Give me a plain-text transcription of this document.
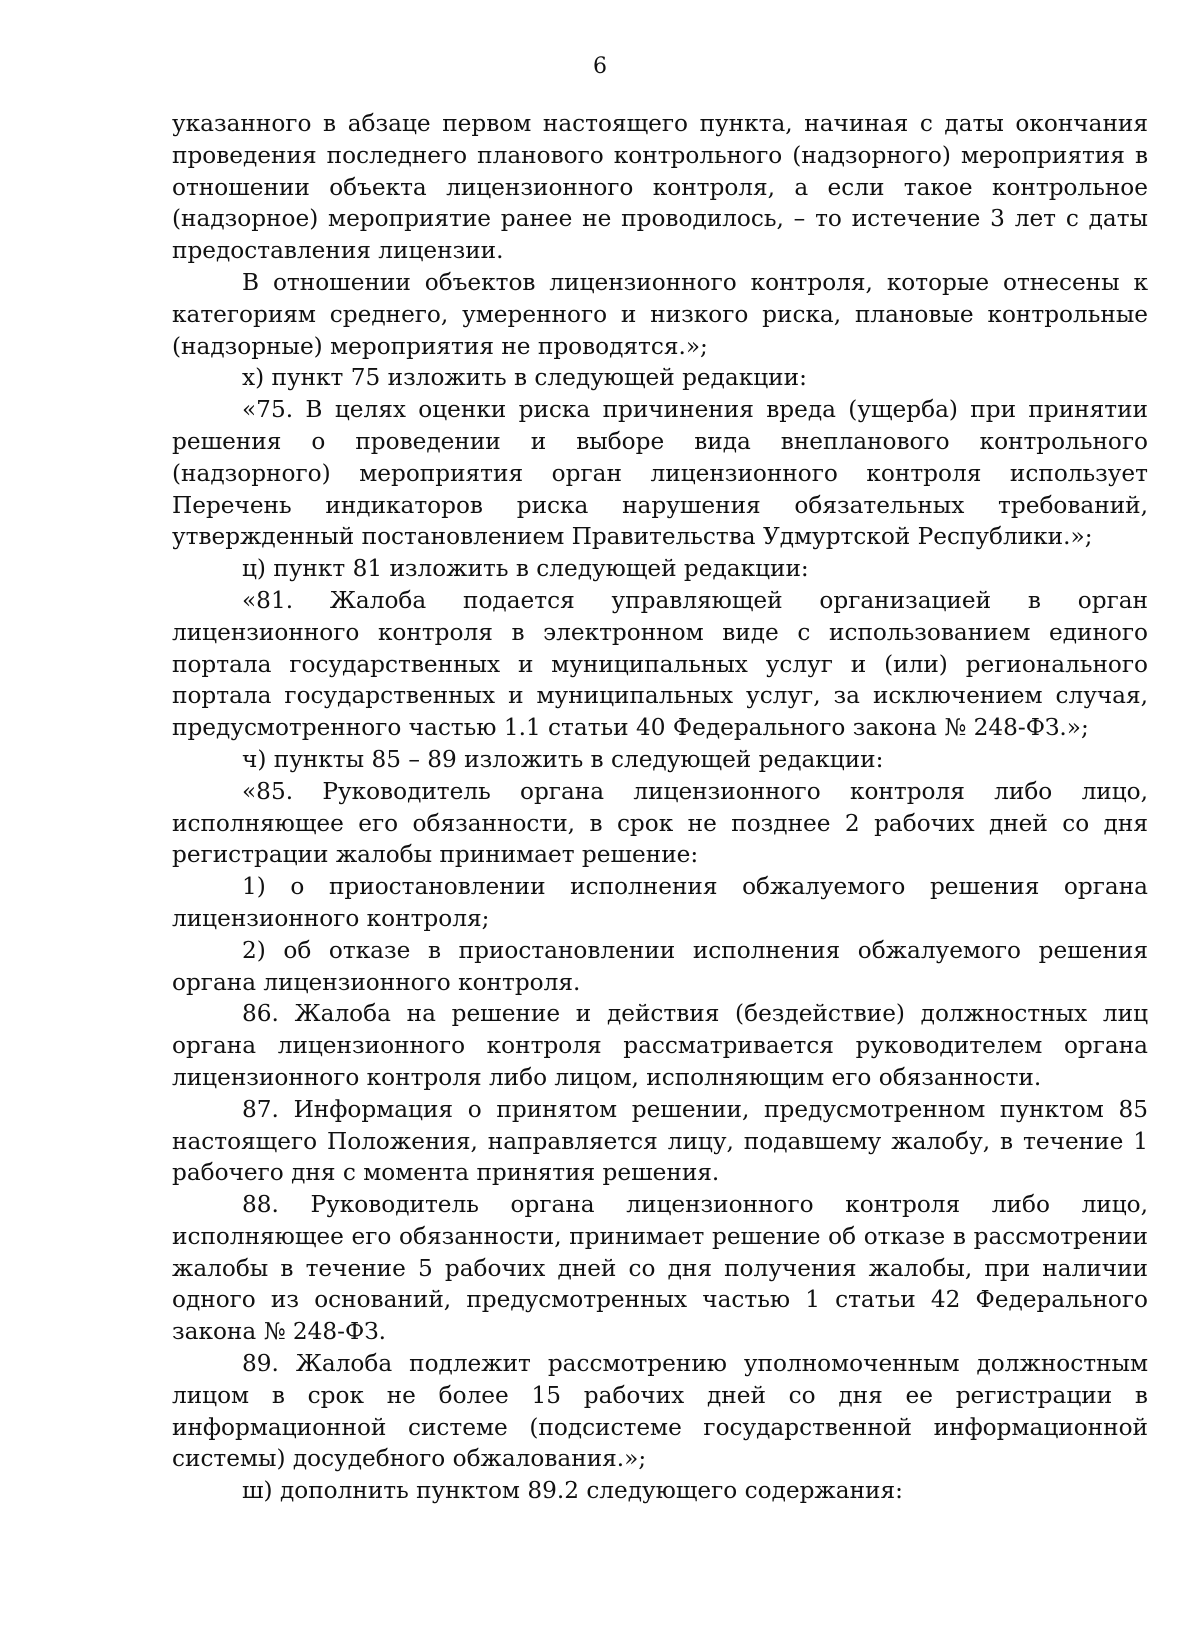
6

указанного в абзаце первом настоящего пункта, начиная с даты окончания проведения последнего планового контрольного (надзорного) мероприятия в отношении объекта лицензионного контроля, а если такое контрольное (надзорное) мероприятие ранее не проводилось, – то истечение 3 лет с даты предоставления лицензии.

В отношении объектов лицензионного контроля, которые отнесены к категориям среднего, умеренного и низкого риска, плановые контрольные (надзорные) мероприятия не проводятся.»;

х) пункт 75 изложить в следующей редакции:

«75. В целях оценки риска причинения вреда (ущерба) при принятии решения о проведении и выборе вида внепланового контрольного (надзорного) мероприятия орган лицензионного контроля использует Перечень индикаторов риска нарушения обязательных требований, утвержденный постановлением Правительства Удмуртской Республики.»;

ц) пункт 81 изложить в следующей редакции:

«81. Жалоба подается управляющей организацией в орган лицензионного контроля в электронном виде с использованием единого портала государственных и муниципальных услуг и (или) регионального портала государственных и муниципальных услуг, за исключением случая, предусмотренного частью 1.1 статьи 40 Федерального закона № 248-ФЗ.»;

ч) пункты 85 – 89 изложить в следующей редакции:

«85. Руководитель органа лицензионного контроля либо лицо, исполняющее его обязанности, в срок не позднее 2 рабочих дней со дня регистрации жалобы принимает решение:

1) о приостановлении исполнения обжалуемого решения органа лицензионного контроля;

2) об отказе в приостановлении исполнения обжалуемого решения органа лицензионного контроля.

86. Жалоба на решение и действия (бездействие) должностных лиц органа лицензионного контроля рассматривается руководителем органа лицензионного контроля либо лицом, исполняющим его обязанности.

87. Информация о принятом решении, предусмотренном пунктом 85 настоящего Положения, направляется лицу, подавшему жалобу, в течение 1 рабочего дня с момента принятия решения.

88. Руководитель органа лицензионного контроля либо лицо, исполняющее его обязанности, принимает решение об отказе в рассмотрении жалобы в течение 5 рабочих дней со дня получения жалобы, при наличии одного из оснований, предусмотренных частью 1 статьи 42 Федерального закона № 248-ФЗ.

89. Жалоба подлежит рассмотрению уполномоченным должностным лицом в срок не более 15 рабочих дней со дня ее регистрации в информационной системе (подсистеме государственной информационной системы) досудебного обжалования.»;

ш) дополнить пунктом 89.2 следующего содержания:
